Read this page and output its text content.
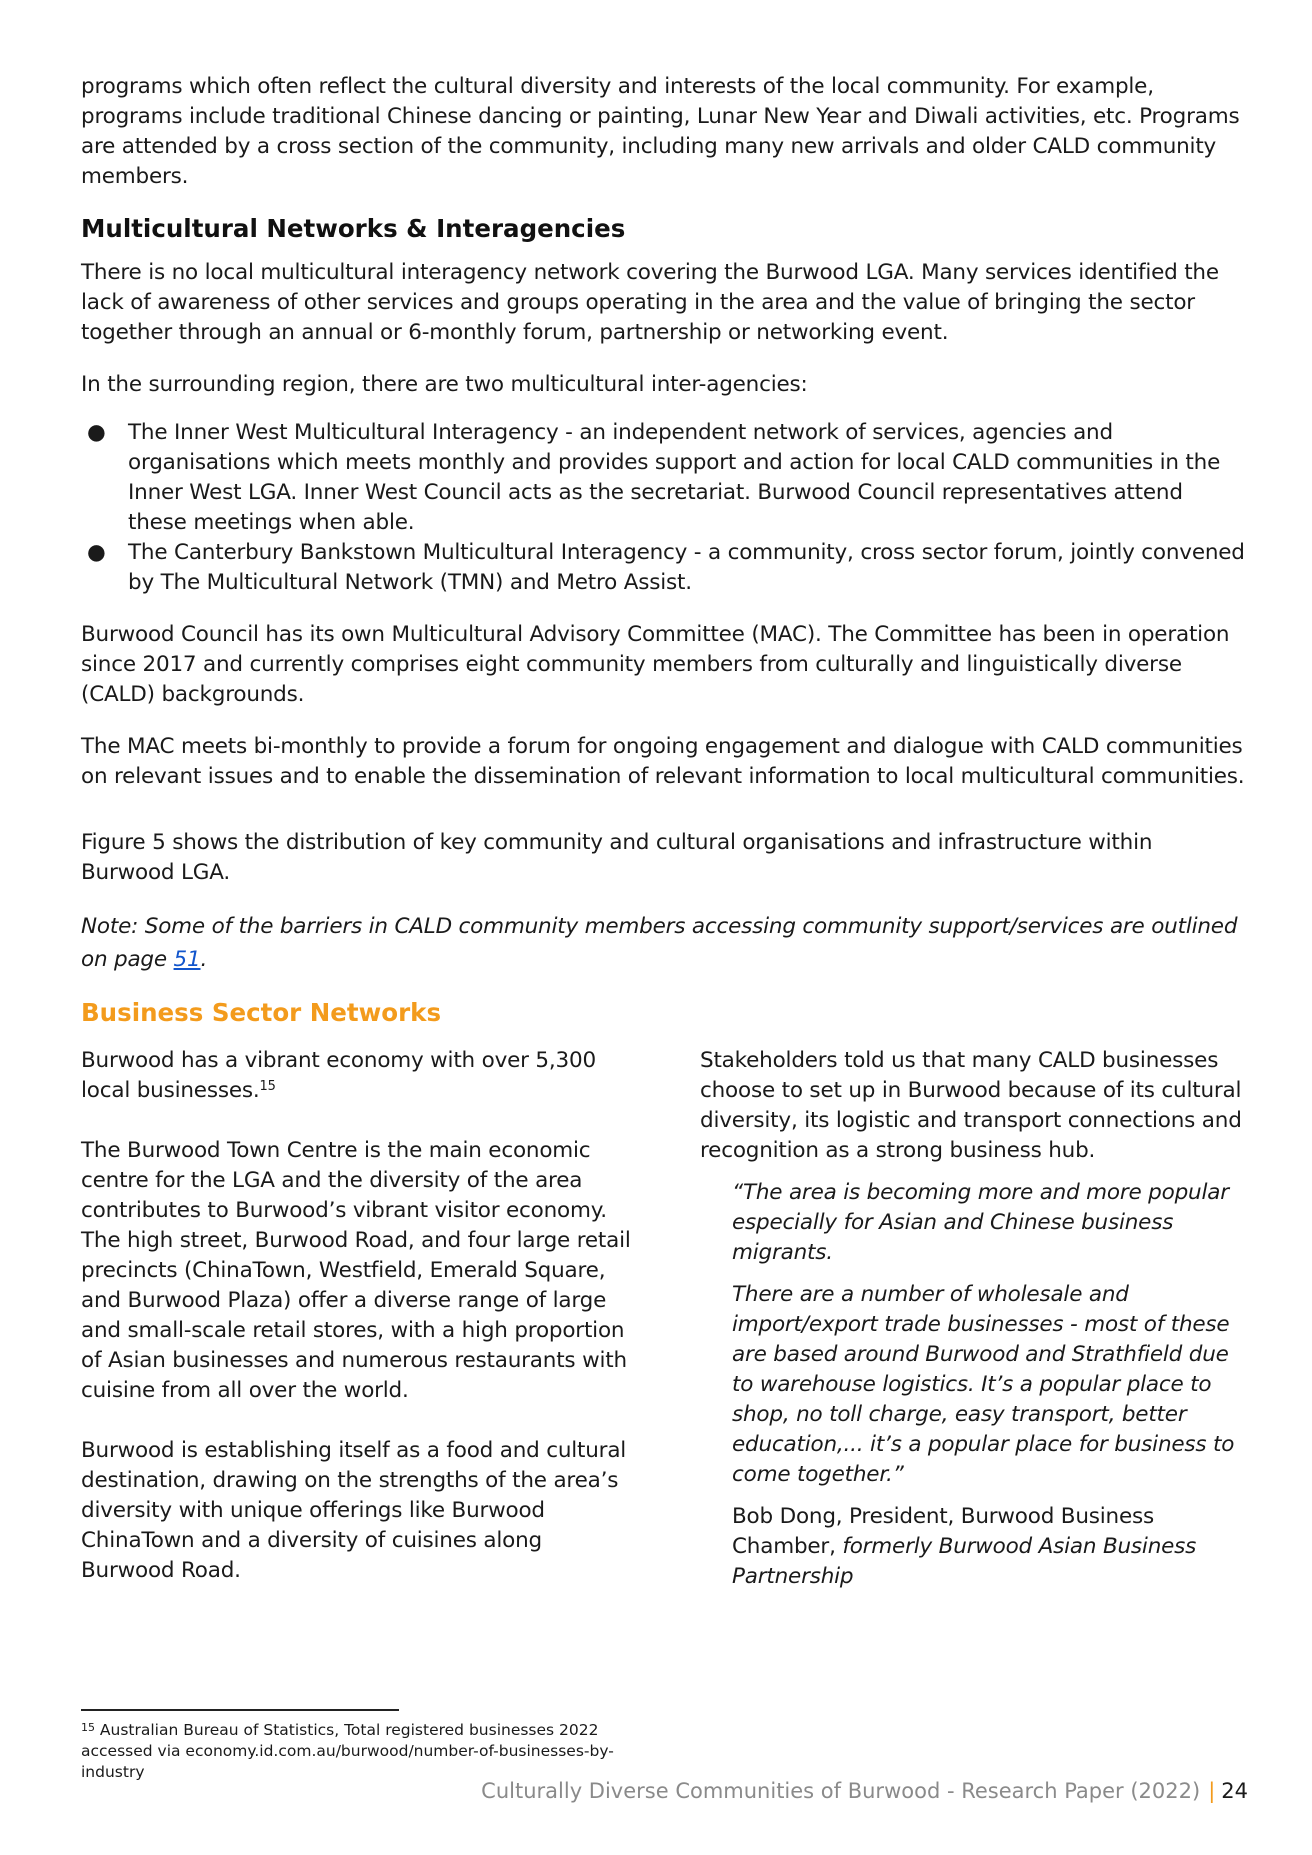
programs which often reflect the cultural diversity and interests of the local community. For example, programs include traditional Chinese dancing or painting, Lunar New Year and Diwali activities, etc. Programs are attended by a cross section of the community, including many new arrivals and older CALD community members.

Multicultural Networks & Interagencies

There is no local multicultural interagency network covering the Burwood LGA. Many services identified the lack of awareness of other services and groups operating in the area and the value of bringing the sector together through an annual or 6-monthly forum, partnership or networking event.

In the surrounding region, there are two multicultural inter-agencies:

● The Inner West Multicultural Interagency - an independent network of services, agencies and organisations which meets monthly and provides support and action for local CALD communities in the Inner West LGA. Inner West Council acts as the secretariat. Burwood Council representatives attend these meetings when able.
● The Canterbury Bankstown Multicultural Interagency - a community, cross sector forum, jointly convened by The Multicultural Network (TMN) and Metro Assist.

Burwood Council has its own Multicultural Advisory Committee (MAC). The Committee has been in operation since 2017 and currently comprises eight community members from culturally and linguistically diverse (CALD) backgrounds.

The MAC meets bi-monthly to provide a forum for ongoing engagement and dialogue with CALD communities on relevant issues and to enable the dissemination of relevant information to local multicultural communities.

Figure 5 shows the distribution of key community and cultural organisations and infrastructure within Burwood LGA.

Note: Some of the barriers in CALD community members accessing community support/services are outlined on page 51.

Business Sector Networks

Burwood has a vibrant economy with over 5,300 local businesses.$^{15}$

The Burwood Town Centre is the main economic centre for the LGA and the diversity of the area contributes to Burwood’s vibrant visitor economy. The high street, Burwood Road, and four large retail precincts (ChinaTown, Westfield, Emerald Square, and Burwood Plaza) offer a diverse range of large and small-scale retail stores, with a high proportion of Asian businesses and numerous restaurants with cuisine from all over the world.

Burwood is establishing itself as a food and cultural destination, drawing on the strengths of the area’s diversity with unique offerings like Burwood ChinaTown and a diversity of cuisines along Burwood Road.

Stakeholders told us that many CALD businesses choose to set up in Burwood because of its cultural diversity, its logistic and transport connections and recognition as a strong business hub.

“The area is becoming more and more popular especially for Asian and Chinese business migrants.

There are a number of wholesale and import/export trade businesses - most of these are based around Burwood and Strathfield due to warehouse logistics. It’s a popular place to shop, no toll charge, easy transport, better education,... it’s a popular place for business to come together.”

Bob Dong, President, Burwood Business Chamber, formerly Burwood Asian Business Partnership

$^{15}$ Australian Bureau of Statistics, Total registered businesses 2022 accessed via economy.id.com.au/burwood/number-of-businesses-by-industry
Culturally Diverse Communities of Burwood - Research Paper (2022) | 24
